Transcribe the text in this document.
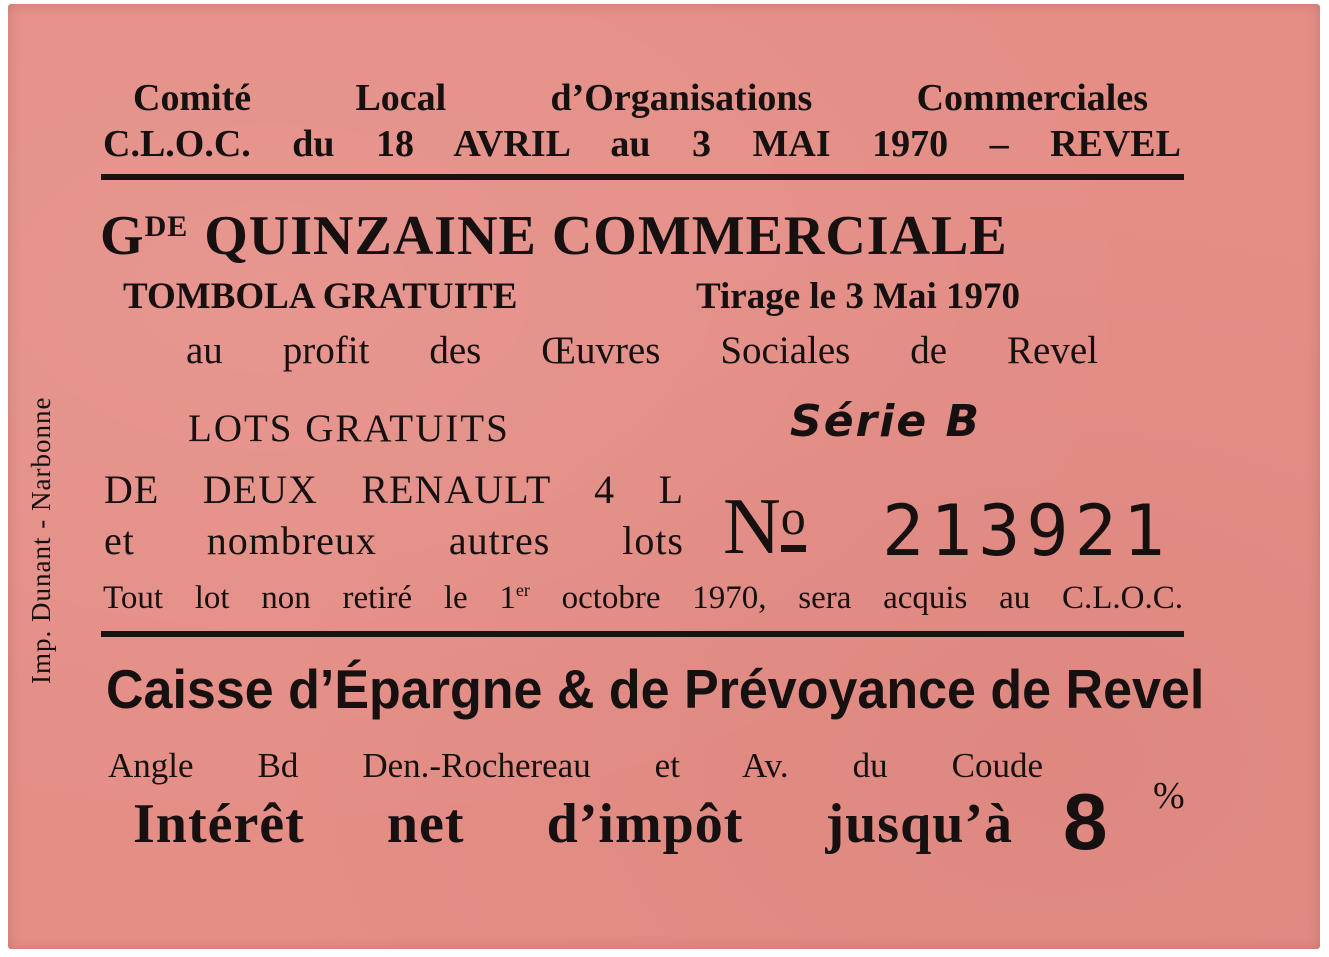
Imp. Dunant - Narbonne
Comité Local d’Organisations Commerciales
C.L.O.C. du 18 AVRIL au 3 MAI 1970 – REVEL
$G^{DE}$ QUINZAINE COMMERCIALE
TOMBOLA GRATUITE	Tirage le 3 Mai 1970
au profit des Œuvres Sociales de Revel
LOTS GRATUITS	Série B
DE DEUX RENAULT 4 L
et nombreux autres lots $N^o$ 213921
Tout lot non retiré le 1er octobre 1970, sera acquis au C.L.O.C.
Caisse d’Épargne & de Prévoyance de Revel
Angle Bd Den.-Rochereau et Av. du Coude
Intérêt net d’impôt jusqu’à 8 %
